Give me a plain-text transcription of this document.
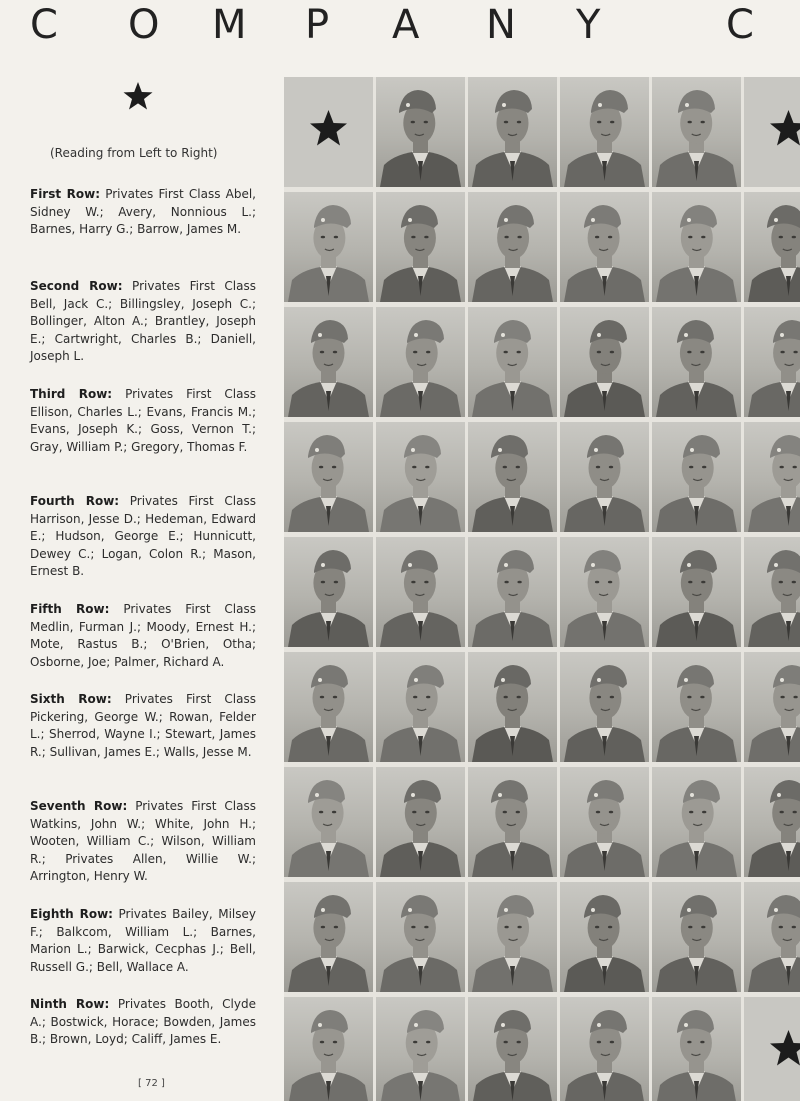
C O M P A N Y	C
(Reading from Left to Right)
First Row: Privates First Class Abel, Sidney W.; Avery, Nonnious L.; Barnes, Harry G.; Barrow, James M.
Second Row: Privates First Class Bell, Jack C.; Billingsley, Joseph C.; Bollinger, Alton A.; Brantley, Joseph E.; Cartwright, Charles B.; Daniell, Joseph L.
Third Row: Privates First Class Ellison, Charles L.; Evans, Francis M.; Evans, Joseph K.; Goss, Vernon T.; Gray, William P.; Gregory, Thomas F.
Fourth Row: Privates First Class Harrison, Jesse D.; Hedeman, Edward E.; Hudson, George E.; Hunnicutt, Dewey C.; Logan, Colon R.; Mason, Ernest B.
Fifth Row: Privates First Class Medlin, Furman J.; Moody, Ernest H.; Mote, Rastus B.; O'Brien, Otha; Osborne, Joe; Palmer, Richard A.
Sixth Row: Privates First Class Pickering, George W.; Rowan, Felder L.; Sherrod, Wayne I.; Stewart, James R.; Sullivan, James E.; Walls, Jesse M.
Seventh Row: Privates First Class Watkins, John W.; White, John H.; Wooten, William C.; Wilson, William R.; Privates Allen, Willie W.; Arrington, Henry W.
Eighth Row: Privates Bailey, Milsey F.; Balkcom, William L.; Barnes, Marion L.; Barwick, Cecphas J.; Bell, Russell G.; Bell, Wallace A.
Ninth Row: Privates Booth, Clyde A.; Bostwick, Horace; Bowden, James B.; Brown, Loyd; Califf, James E.
[ 72 ]
